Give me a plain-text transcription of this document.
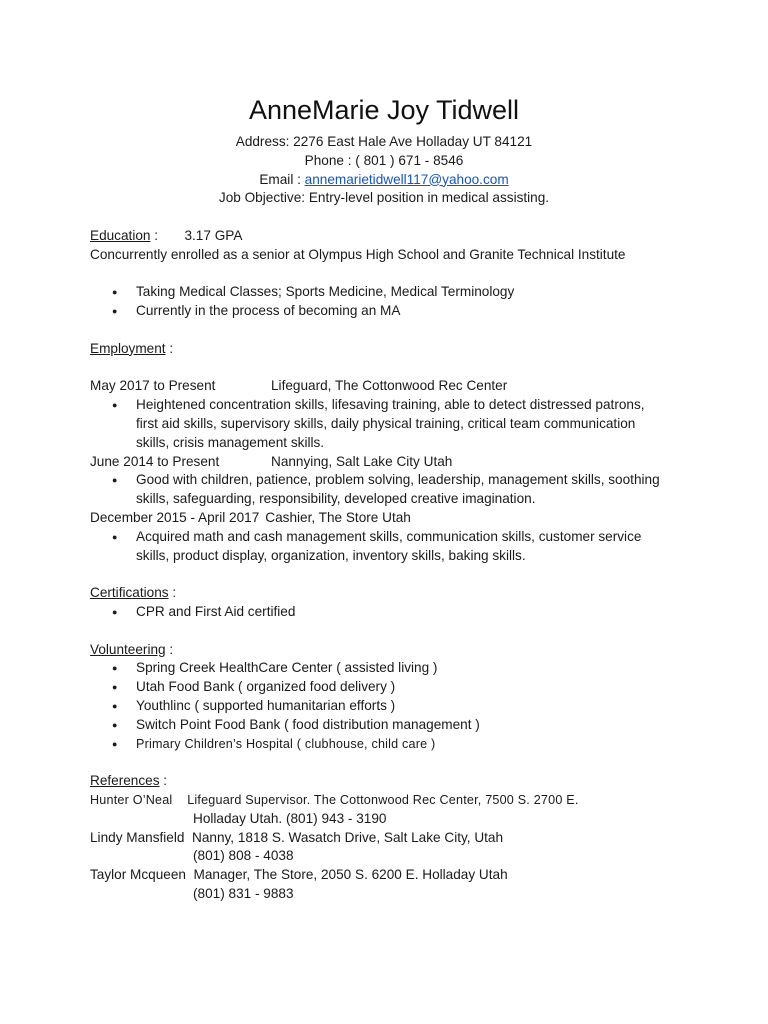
AnneMarie Joy Tidwell
Address: 2276 East Hale Ave Holladay UT 84121
Phone : ( 801 ) 671 - 8546
Email : annemarietidwell117@yahoo.com
Job Objective: Entry-level position in medical assisting.
Education :       3.17 GPA
Concurrently enrolled as a senior at Olympus High School and Granite Technical Institute
● Taking Medical Classes; Sports Medicine, Medical Terminology
● Currently in the process of becoming an MA
Employment :
May 2017 to Present	Lifeguard, The Cottonwood Rec Center
● Heightened concentration skills, lifesaving training, able to detect distressed patrons, first aid skills, supervisory skills, daily physical training, critical team communication skills, crisis management skills.
June 2014 to Present	Nannying, Salt Lake City Utah
● Good with children, patience, problem solving, leadership, management skills, soothing skills, safeguarding, responsibility, developed creative imagination.
December 2015 - April 2017 Cashier, The Store Utah
● Acquired math and cash management skills, communication skills, customer service skills, product display, organization, inventory skills, baking skills.
Certifications :
● CPR and First Aid certified
Volunteering :
● Spring Creek HealthCare Center ( assisted living )
● Utah Food Bank ( organized food delivery )
● Youthlinc ( supported humanitarian efforts )
● Switch Point Food Bank ( food distribution management )
● Primary Children’s Hospital ( clubhouse, child care )
References :
Hunter O’Neal Lifeguard Supervisor. The Cottonwood Rec Center, 7500 S. 2700 E.
Holladay Utah. (801) 943 - 3190
Lindy Mansfield Nanny, 1818 S. Wasatch Drive, Salt Lake City, Utah
(801) 808 - 4038
Taylor Mcqueen Manager, The Store, 2050 S. 6200 E. Holladay Utah
(801) 831 - 9883
